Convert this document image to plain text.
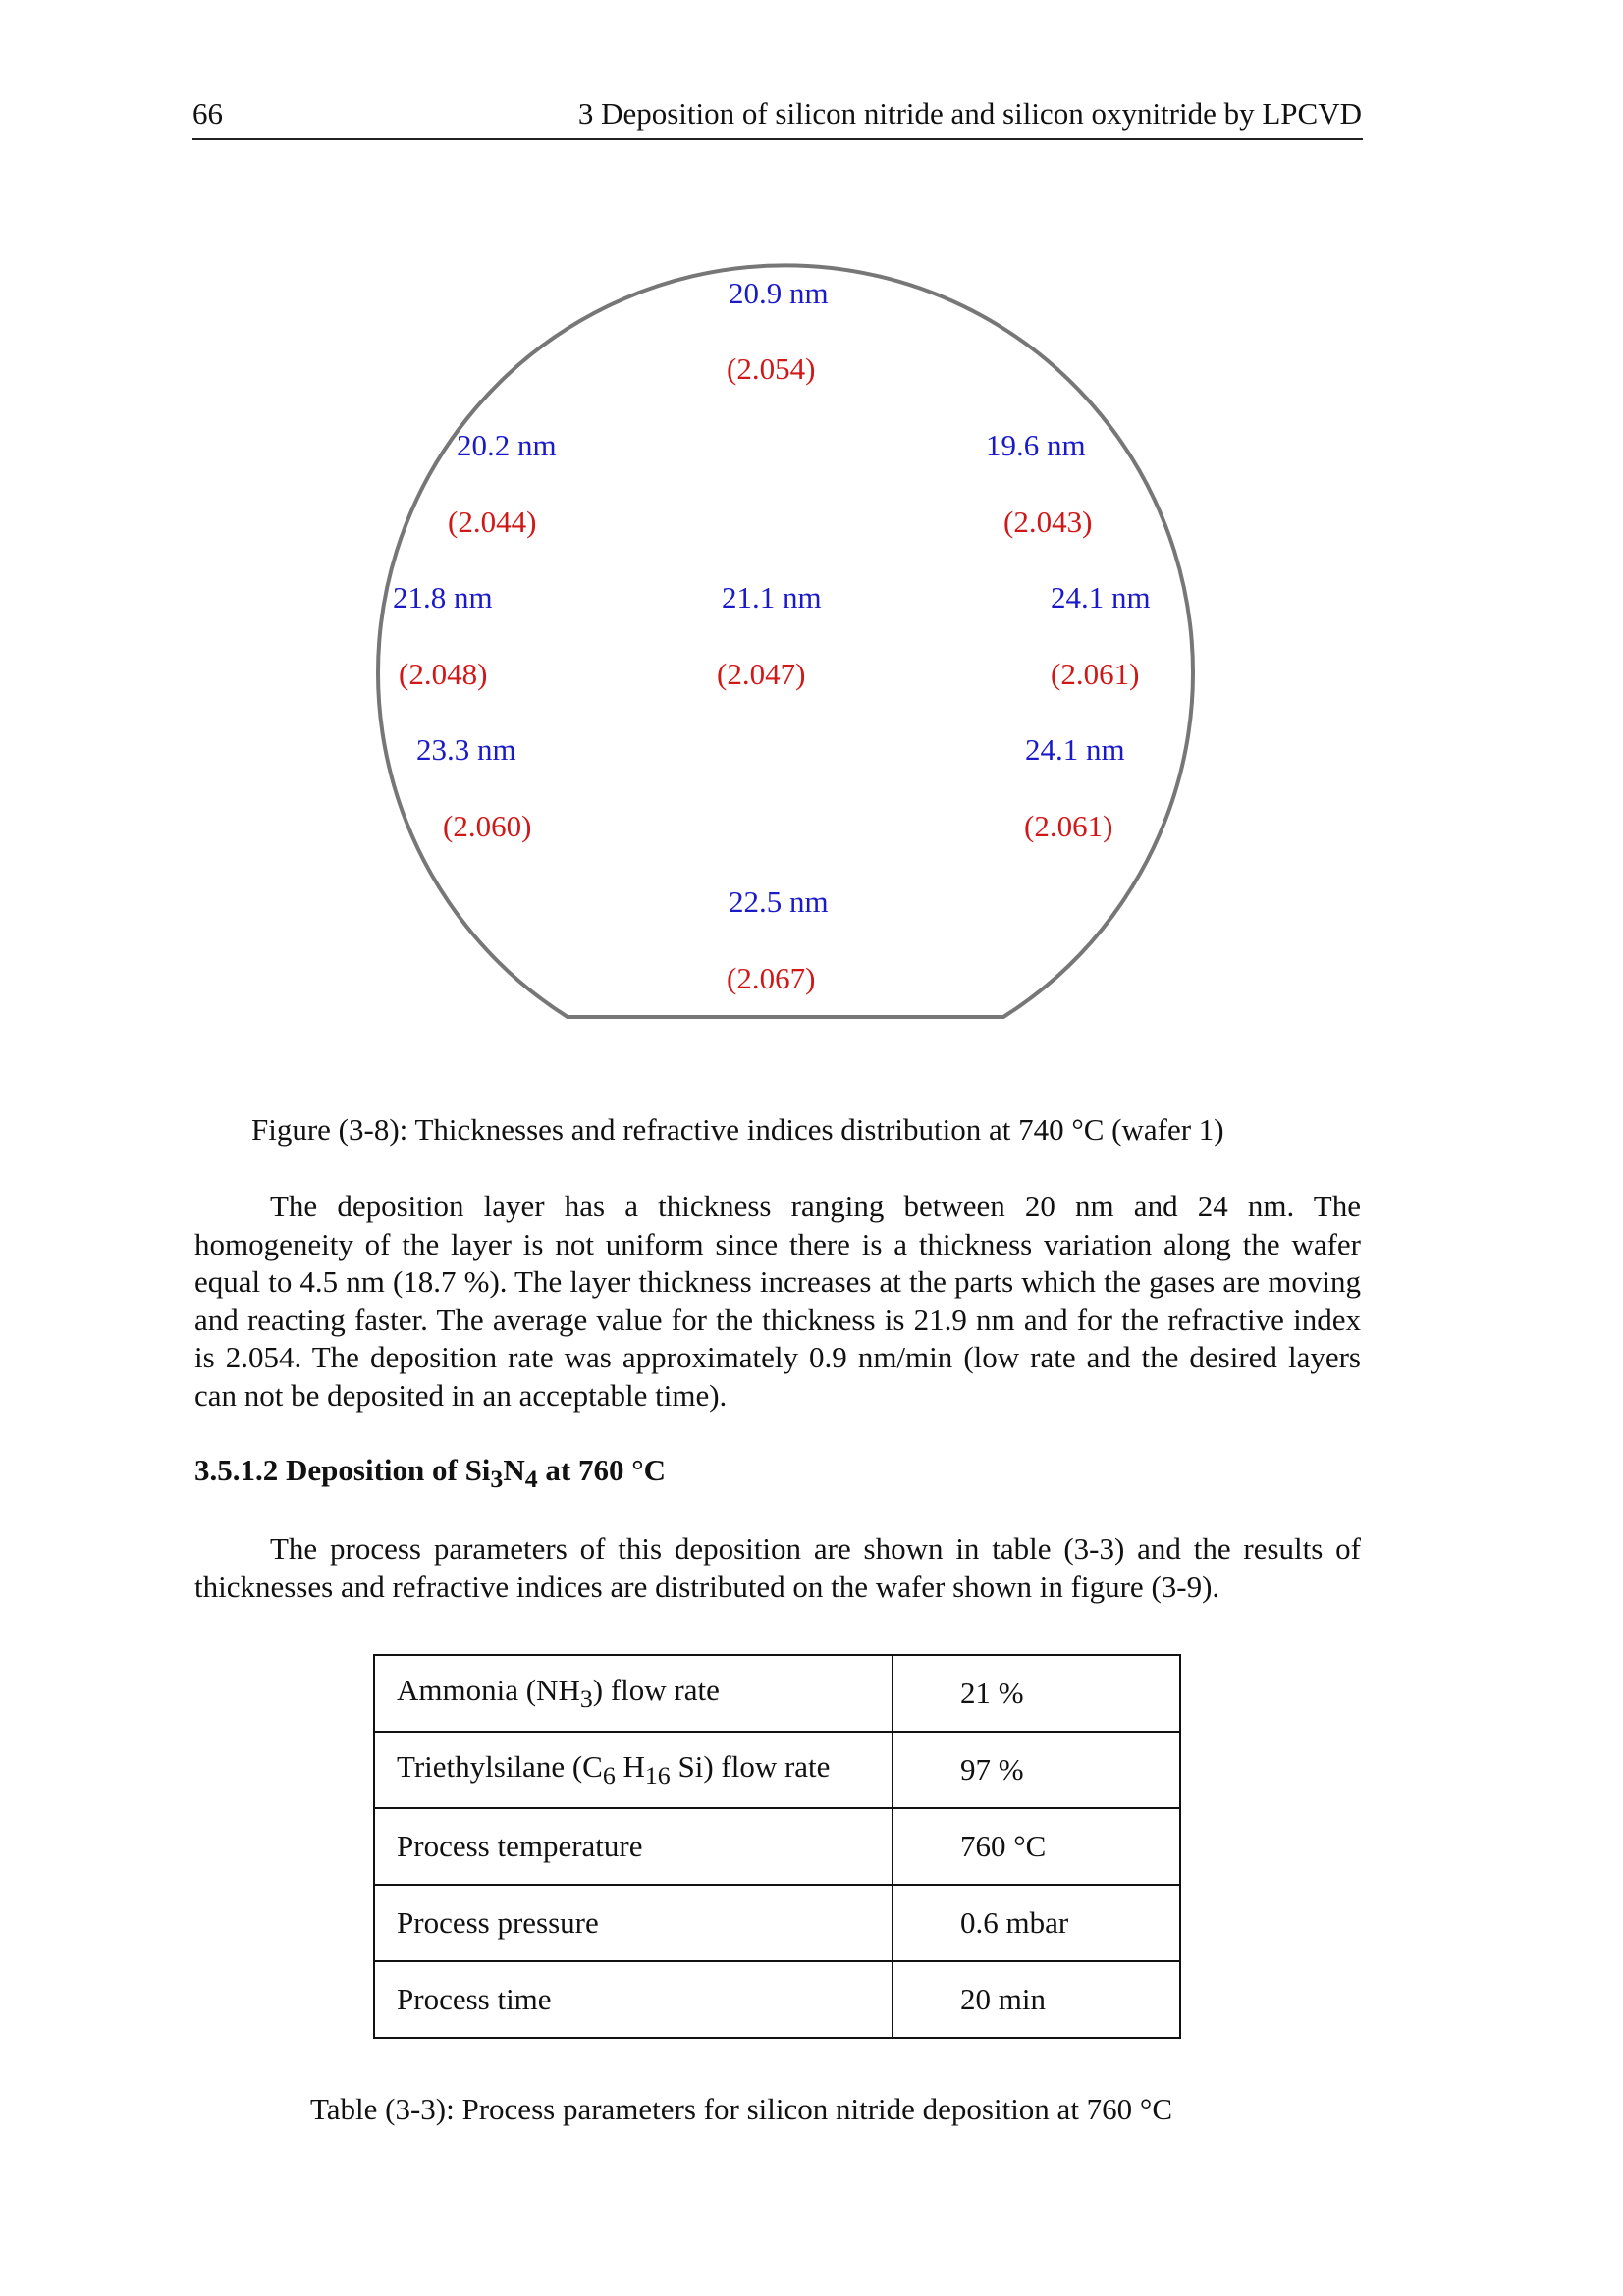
66	3 Deposition of silicon nitride and silicon oxynitride by LPCVD
20.9 nm
(2.054)
20.2 nm
(2.044)
19.6 nm
(2.043)
21.8 nm
(2.048)
21.1 nm
(2.047)
24.1 nm
(2.061)
23.3 nm
(2.060)
24.1 nm
(2.061)
22.5 nm
(2.067)
Figure (3-8): Thicknesses and refractive indices distribution at 740 °C (wafer 1)

The deposition layer has a thickness ranging between 20 nm and 24 nm. The homogeneity of the layer is not uniform since there is a thickness variation along the wafer equal to 4.5 nm (18.7 %). The layer thickness increases at the parts which the gases are moving and reacting faster. The average value for the thickness is 21.9 nm and for the refractive index is 2.054. The deposition rate was approximately 0.9 nm/min (low rate and the desired layers can not be deposited in an acceptable time).

3.5.1.2 Deposition of $Si_3N_4$ at 760 °C

The process parameters of this deposition are shown in table (3-3) and the results of thicknesses and refractive indices are distributed on the wafer shown in figure (3-9).

Ammonia $(NH_3)$ flow rate	21 %
Triethylsilane ($C_6$ $H_{16}$ Si) flow rate	97 %
Process temperature	760 °C
Process pressure	0.6 mbar
Process time	20 min
Table (3-3): Process parameters for silicon nitride deposition at 760 °C
